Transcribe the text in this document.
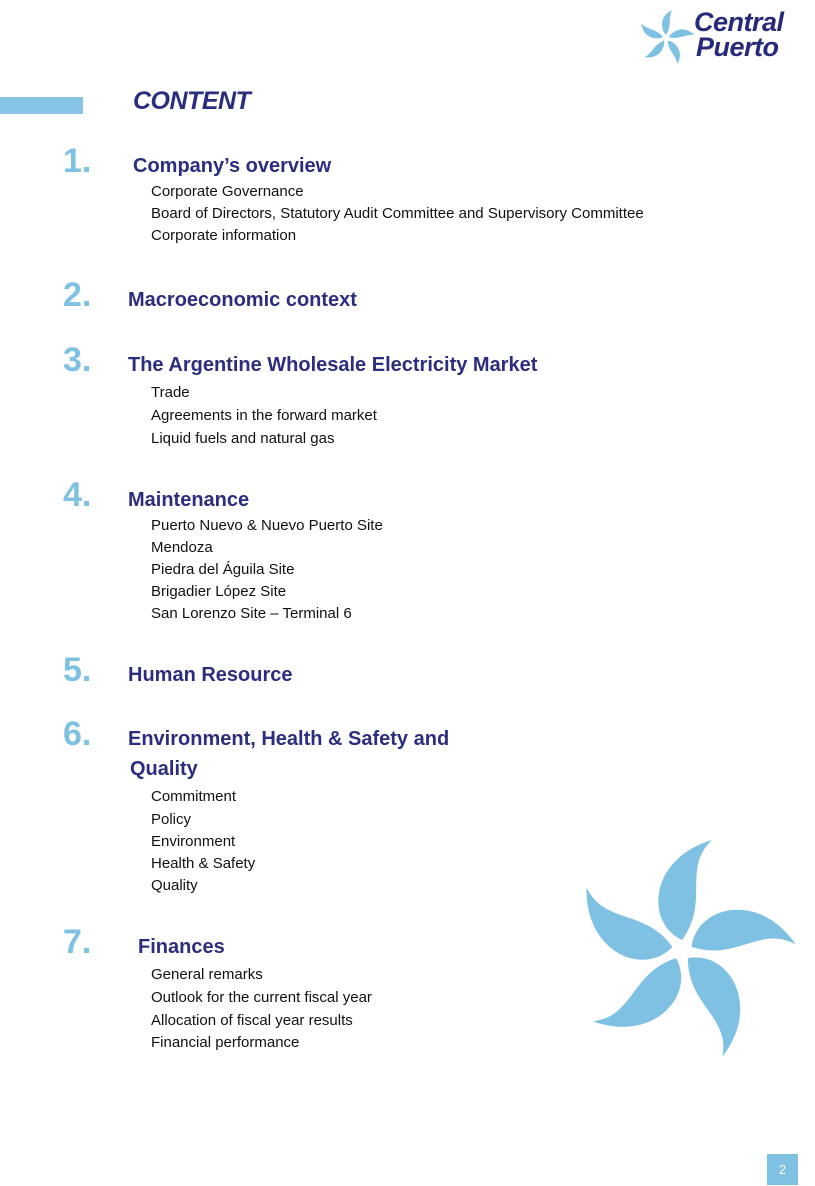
Central
Puerto
CONTENT
1. Company’s overview
Corporate Governance
Board of Directors, Statutory Audit Committee and Supervisory Committee
Corporate information
2. Macroeconomic context
3. The Argentine Wholesale Electricity Market
Trade
Agreements in the forward market
Liquid fuels and natural gas
4. Maintenance
Puerto Nuevo & Nuevo Puerto Site
Mendoza
Piedra del Águila Site
Brigadier López Site
San Lorenzo Site – Terminal 6
5. Human Resource
6. Environment, Health & Safety and
Quality
Commitment
Policy
Environment
Health & Safety
Quality
7. Finances
General remarks
Outlook for the current fiscal year
Allocation of fiscal year results
Financial performance
2
